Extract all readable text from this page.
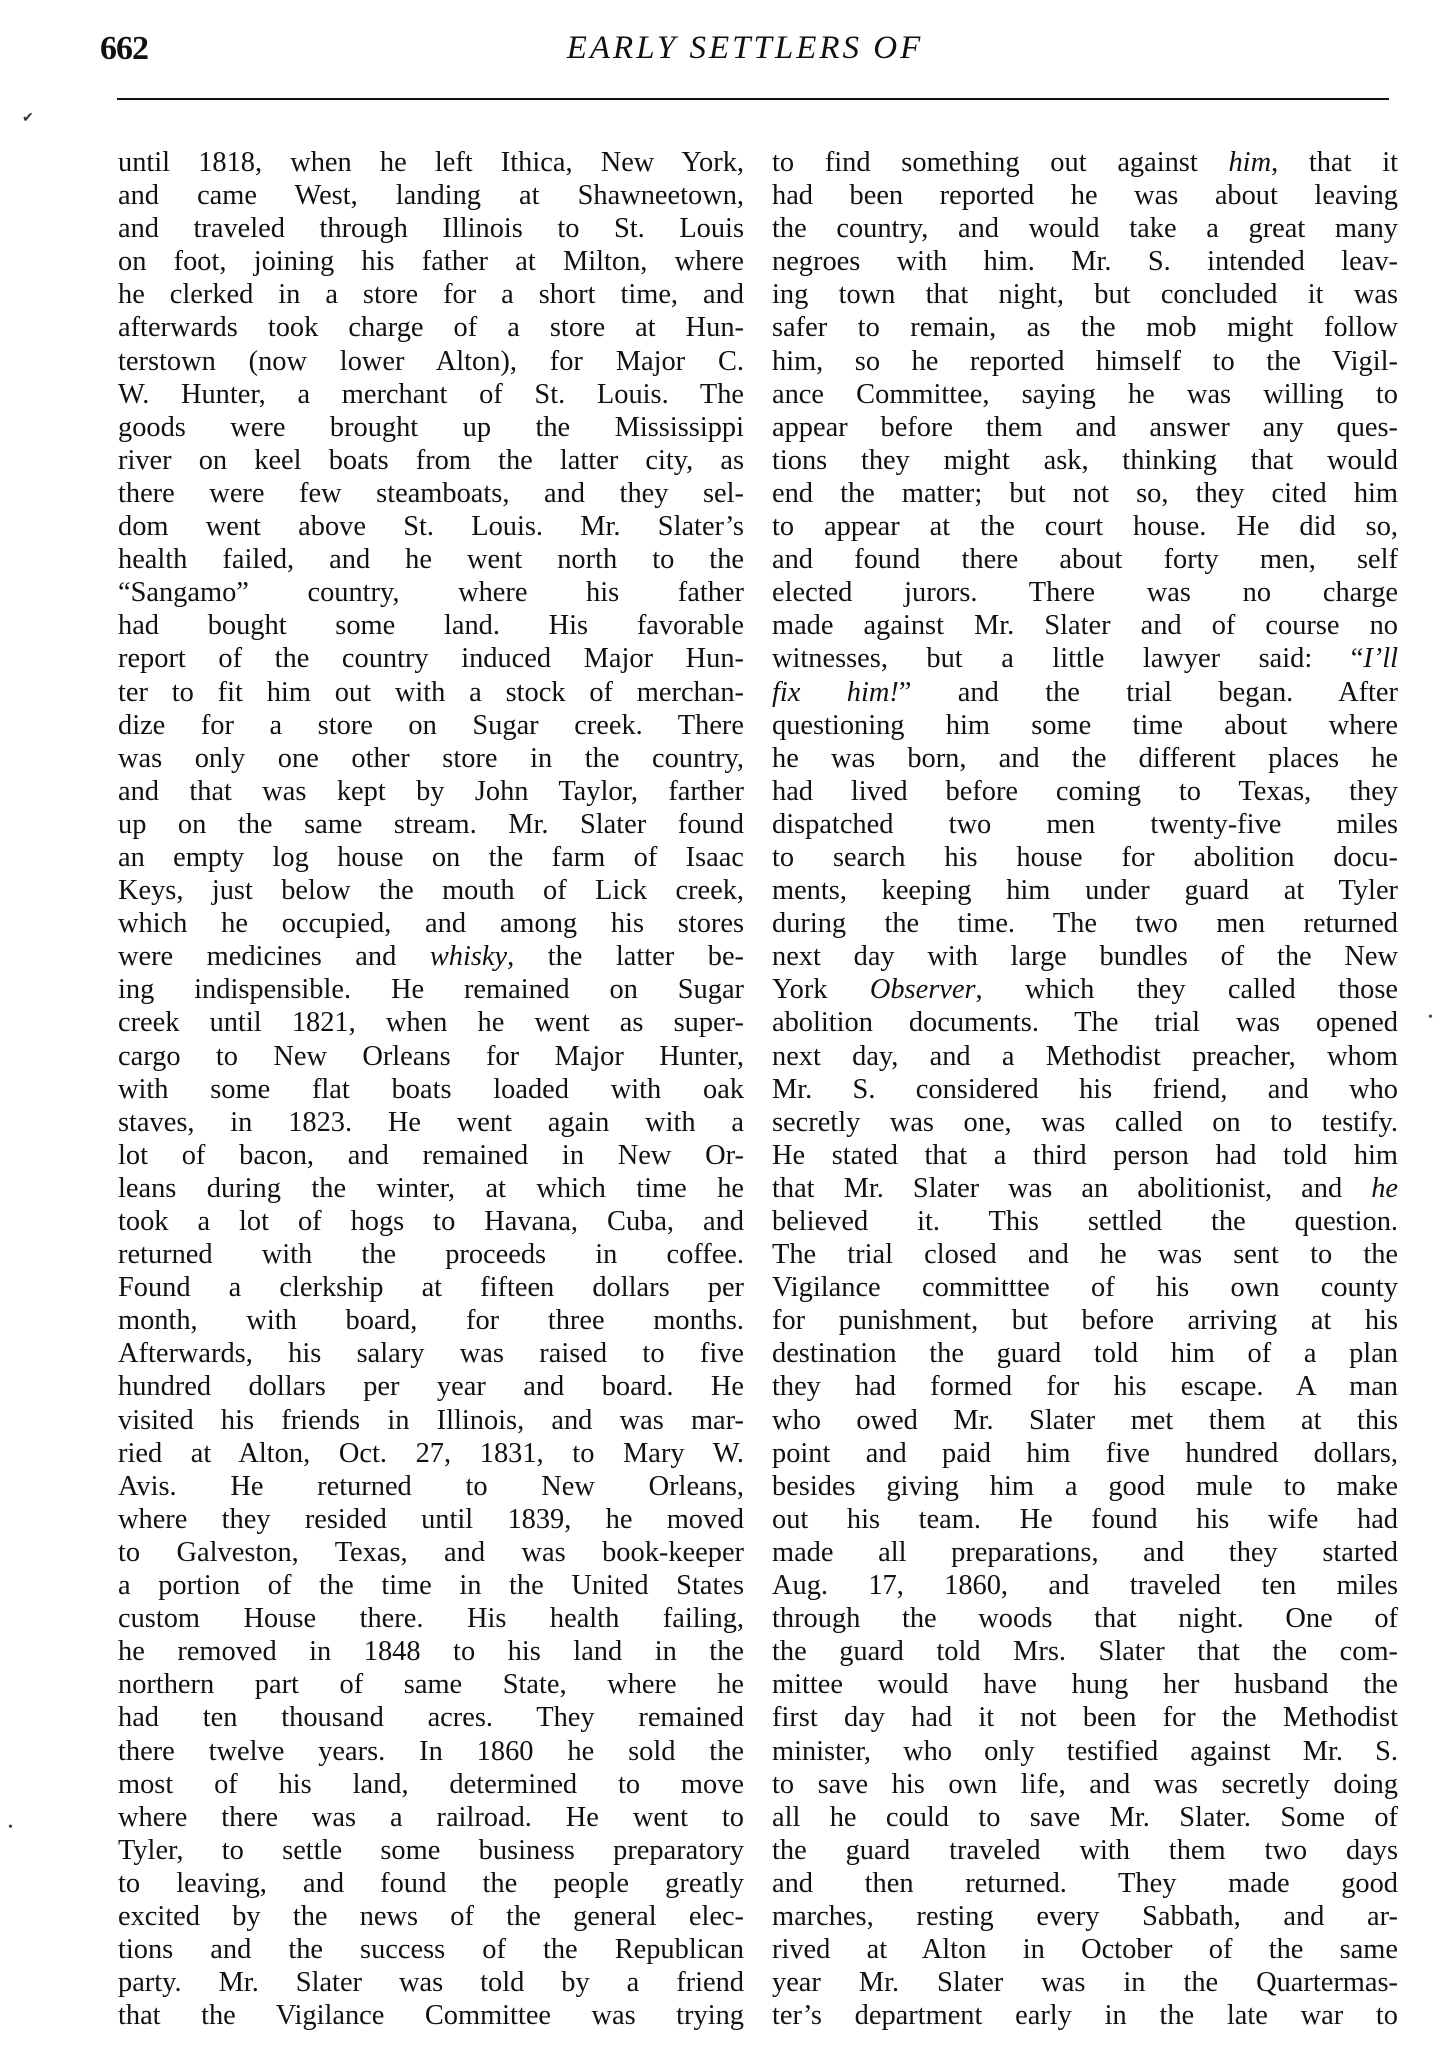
662	EARLY SETTLERS OF
✔
until 1818, when he left Ithica, New York,
and came West, landing at Shawneetown,
and traveled through Illinois to St. Louis
on foot, joining his father at Milton, where
he clerked in a store for a short time, and
afterwards took charge of a store at Hun-
terstown (now lower Alton), for Major C.
W. Hunter, a merchant of St. Louis. The
goods were brought up the Mississippi
river on keel boats from the latter city, as
there were few steamboats, and they sel-
dom went above St. Louis. Mr. Slater’s
health failed, and he went north to the
“Sangamo” country, where his father
had bought some land. His favorable
report of the country induced Major Hun-
ter to fit him out with a stock of merchan-
dize for a store on Sugar creek. There
was only one other store in the country,
and that was kept by John Taylor, farther
up on the same stream. Mr. Slater found
an empty log house on the farm of Isaac
Keys, just below the mouth of Lick creek,
which he occupied, and among his stores
were medicines and whisky, the latter be-
ing indispensible. He remained on Sugar
creek until 1821, when he went as super-
cargo to New Orleans for Major Hunter,
with some flat boats loaded with oak
staves, in 1823. He went again with a
lot of bacon, and remained in New Or-
leans during the winter, at which time he
took a lot of hogs to Havana, Cuba, and
returned with the proceeds in coffee.
Found a clerkship at fifteen dollars per
month, with board, for three months.
Afterwards, his salary was raised to five
hundred dollars per year and board. He
visited his friends in Illinois, and was mar-
ried at Alton, Oct. 27, 1831, to Mary W.
Avis. He returned to New Orleans,
where they resided until 1839, he moved
to Galveston, Texas, and was book-keeper
a portion of the time in the United States
custom House there. His health failing,
he removed in 1848 to his land in the
northern part of same State, where he
had ten thousand acres. They remained
there twelve years. In 1860 he sold the
most of his land, determined to move
where there was a railroad. He went to
Tyler, to settle some business preparatory
to leaving, and found the people greatly
excited by the news of the general elec-
tions and the success of the Republican
party. Mr. Slater was told by a friend
that the Vigilance Committee was trying
to find something out against him, that it
had been reported he was about leaving
the country, and would take a great many
negroes with him. Mr. S. intended leav-
ing town that night, but concluded it was
safer to remain, as the mob might follow
him, so he reported himself to the Vigil-
ance Committee, saying he was willing to
appear before them and answer any ques-
tions they might ask, thinking that would
end the matter; but not so, they cited him
to appear at the court house. He did so,
and found there about forty men, self
elected jurors. There was no charge
made against Mr. Slater and of course no
witnesses, but a little lawyer said: “I’ll
fix him!” and the trial began. After
questioning him some time about where
he was born, and the different places he
had lived before coming to Texas, they
dispatched two men twenty-five miles
to search his house for abolition docu-
ments, keeping him under guard at Tyler
during the time. The two men returned
next day with large bundles of the New
York Observer, which they called those
abolition documents. The trial was opened
next day, and a Methodist preacher, whom
Mr. S. considered his friend, and who
secretly was one, was called on to testify.
He stated that a third person had told him
that Mr. Slater was an abolitionist, and he
believed it. This settled the question.
The trial closed and he was sent to the
Vigilance committtee of his own county
for punishment, but before arriving at his
destination the guard told him of a plan
they had formed for his escape. A man
who owed Mr. Slater met them at this
point and paid him five hundred dollars,
besides giving him a good mule to make
out his team. He found his wife had
made all preparations, and they started
Aug. 17, 1860, and traveled ten miles
through the woods that night. One of
the guard told Mrs. Slater that the com-
mittee would have hung her husband the
first day had it not been for the Methodist
minister, who only testified against Mr. S.
to save his own life, and was secretly doing
all he could to save Mr. Slater. Some of
the guard traveled with them two days
and then returned. They made good
marches, resting every Sabbath, and ar-
rived at Alton in October of the same
year Mr. Slater was in the Quartermas-
ter’s department early in the late war to
•
•
